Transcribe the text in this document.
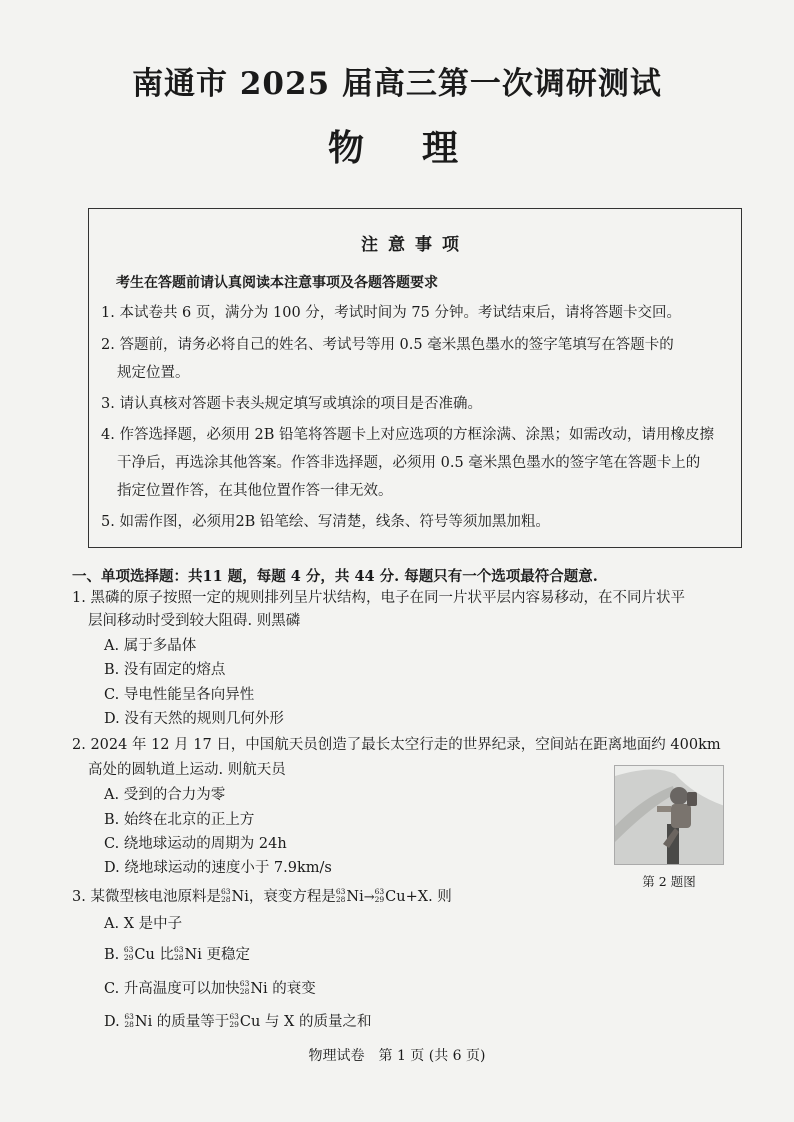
南通市 2025 届高三第一次调研测试
物理
注意事项
考生在答题前请认真阅读本注意事项及各题答题要求
1. 本试卷共 6 页，满分为 100 分，考试时间为 75 分钟。考试结束后，请将答题卡交回。
2. 答题前，请务必将自己的姓名、考试号等用 0.5 毫米黑色墨水的签字笔填写在答题卡的
规定位置。
3. 请认真核对答题卡表头规定填写或填涂的项目是否准确。
4. 作答选择题，必须用 2B 铅笔将答题卡上对应选项的方框涂满、涂黑；如需改动，请用橡皮擦
干净后，再选涂其他答案。作答非选择题，必须用 0.5 毫米黑色墨水的签字笔在答题卡上的
指定位置作答，在其他位置作答一律无效。
5. 如需作图，必须用2B 铅笔绘、写清楚，线条、符号等须加黑加粗。
一、单项选择题：共11 题，每题 4 分，共 44 分. 每题只有一个选项最符合题意.
1. 黑磷的原子按照一定的规则排列呈片状结构，电子在同一片状平层内容易移动，在不同片状平
层间移动时受到较大阻碍. 则黑磷
A. 属于多晶体
B. 没有固定的熔点
C. 导电性能呈各向异性
D. 没有天然的规则几何外形
2. 2024 年 12 月 17 日，中国航天员创造了最长太空行走的世界纪录，空间站在距离地面约 400km
高处的圆轨道上运动. 则航天员
A. 受到的合力为零
B. 始终在北京的正上方
C. 绕地球运动的周期为 24h
D. 绕地球运动的速度小于 7.9km/s
第 2 题图
3. 某微型核电池原料是 63
28 Ni，衰变方程是 63
28 Ni→ 63
29 Cu+X. 则
A. X 是中子
B. 63
29 Cu 比 63
28 Ni 更稳定
C. 升高温度可以加快 63
28 Ni 的衰变
D. 63
28 Ni 的质量等于 63
29 Cu 与 X 的质量之和
物理试卷　第 1 页 (共 6 页)
